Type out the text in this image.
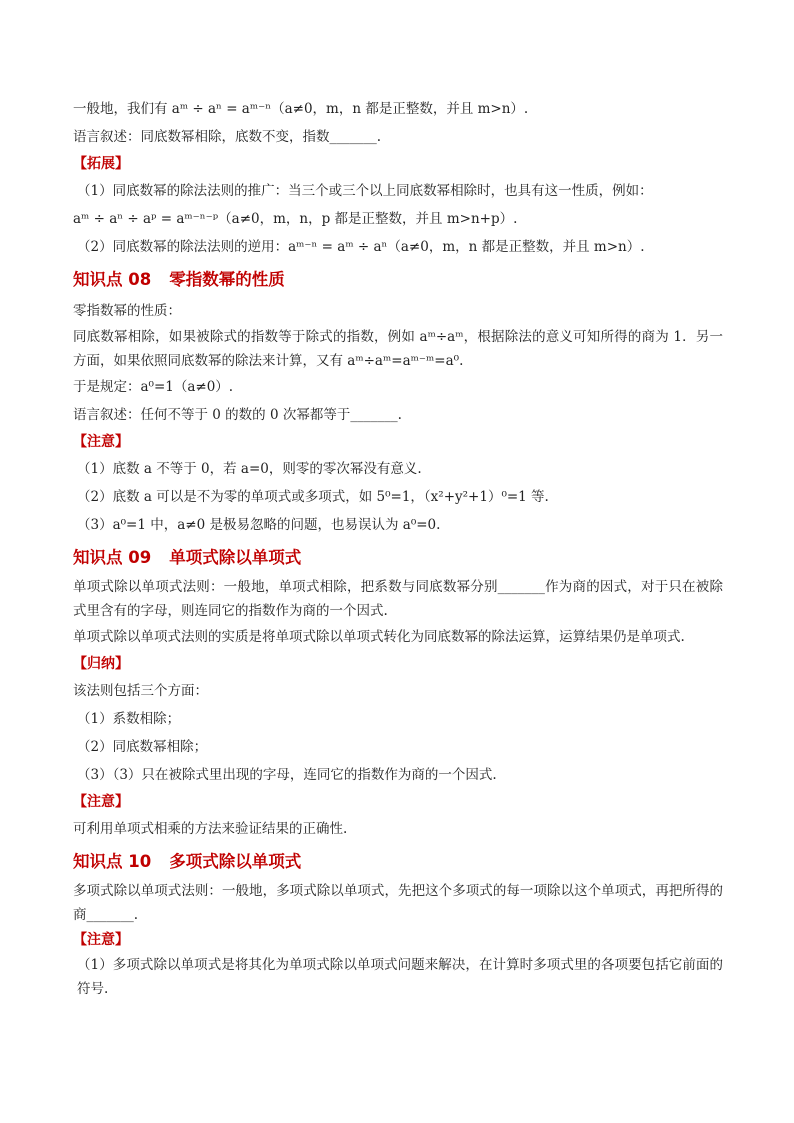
一般地，我们有 aᵐ ÷ aⁿ = aᵐ⁻ⁿ（a≠0，m，n 都是正整数，并且 m>n）.
语言叙述：同底数幂相除，底数不变，指数_______.
【拓展】
（1）同底数幂的除法法则的推广：当三个或三个以上同底数幂相除时，也具有这一性质，例如：
aᵐ ÷ aⁿ ÷ aᵖ = aᵐ⁻ⁿ⁻ᵖ（a≠0，m，n，p 都是正整数，并且 m>n+p）.
（2）同底数幂的除法法则的逆用：aᵐ⁻ⁿ = aᵐ ÷ aⁿ（a≠0，m，n 都是正整数，并且 m>n）.
知识点 08 零指数幂的性质
零指数幂的性质：
同底数幂相除，如果被除式的指数等于除式的指数，例如 aᵐ÷aᵐ，根据除法的意义可知所得的商为 1．另一方面，如果依照同底数幂的除法来计算，又有 aᵐ÷aᵐ=aᵐ⁻ᵐ=a⁰.
于是规定：a⁰=1（a≠0）.
语言叙述：任何不等于 0 的数的 0 次幂都等于_______.
【注意】
（1）底数 a 不等于 0，若 a=0，则零的零次幂没有意义.
（2）底数 a 可以是不为零的单项式或多项式，如 5⁰=1，（x²+y²+1）⁰=1 等.
（3）a⁰=1 中，a≠0 是极易忽略的问题，也易误认为 a⁰=0.
知识点 09 单项式除以单项式
单项式除以单项式法则：一般地，单项式相除，把系数与同底数幂分别_______作为商的因式，对于只在被除式里含有的字母，则连同它的指数作为商的一个因式.
单项式除以单项式法则的实质是将单项式除以单项式转化为同底数幂的除法运算，运算结果仍是单项式.
【归纳】
该法则包括三个方面：
（1）系数相除；
（2）同底数幂相除；
（3）（3）只在被除式里出现的字母，连同它的指数作为商的一个因式.
【注意】
可利用单项式相乘的方法来验证结果的正确性.
知识点 10 多项式除以单项式
多项式除以单项式法则：一般地，多项式除以单项式，先把这个多项式的每一项除以这个单项式，再把所得的商_______.
【注意】
（1）多项式除以单项式是将其化为单项式除以单项式问题来解决，在计算时多项式里的各项要包括它前面的符号.
